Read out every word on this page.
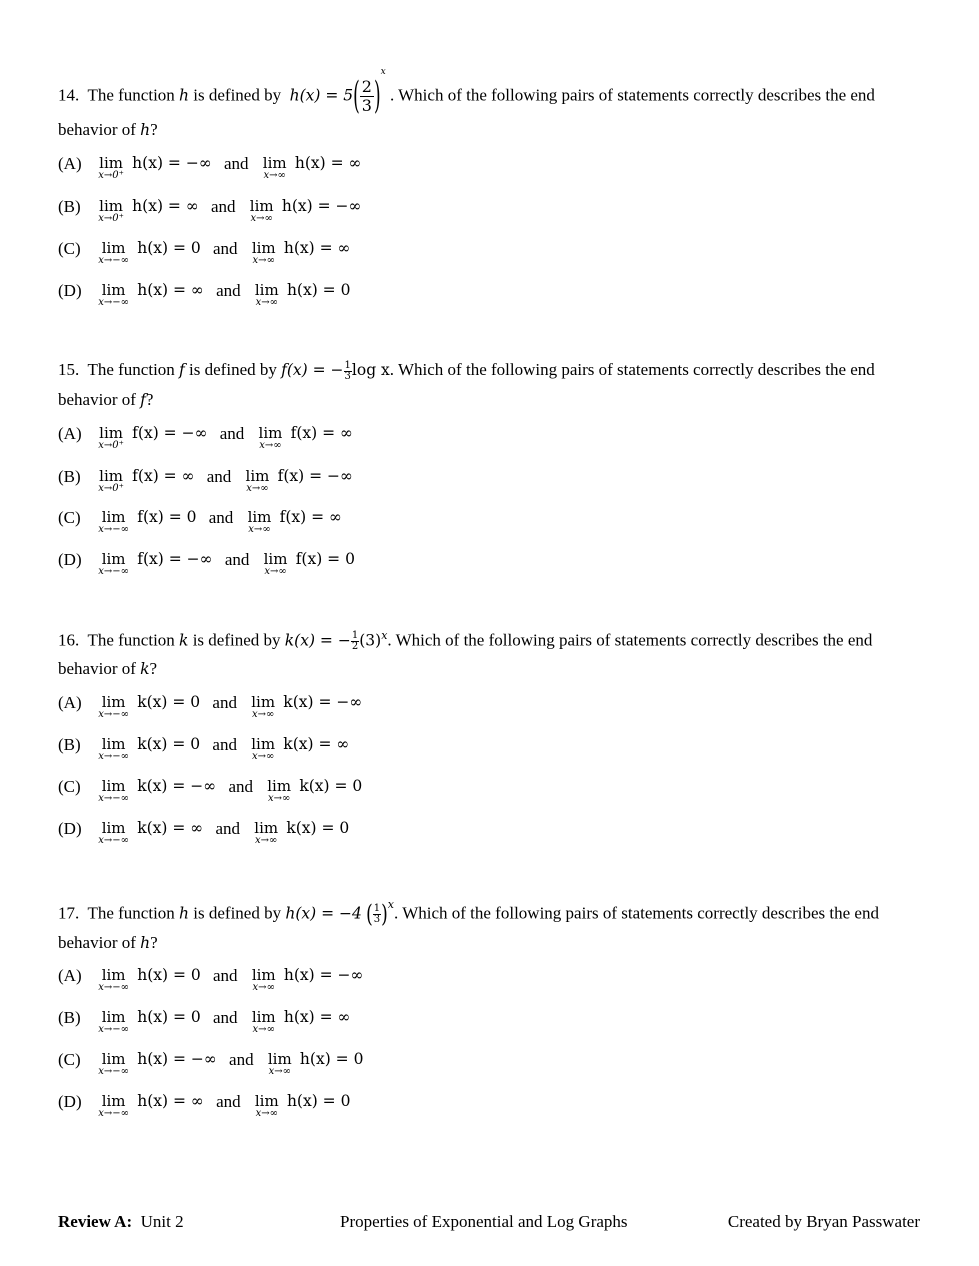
14. The function h is defined by $h(x) = 5( \frac{2}{3} )^x$ . Which of the following pairs of statements correctly describes the end
behavior of h?
(A) lim
x→0⁺
h(x) = −∞ and lim
x→∞
h(x) = ∞
(B) lim
x→0⁺
h(x) = ∞ and lim
x→∞
h(x) = −∞
(C) lim
x→−∞
h(x) = 0 and lim
x→∞
h(x) = ∞
(D) lim
x→−∞
h(x) = ∞ and lim
x→∞
h(x) = 0
15. The function f is defined by f(x) = − $\frac{1}{3}$ log x. Which of the following pairs of statements correctly describes the end
behavior of f?
(A) lim
x→0⁺
f(x) = −∞ and lim
x→∞
f(x) = ∞
(B) lim
x→0⁺
f(x) = ∞ and lim
x→∞
f(x) = −∞
(C) lim
x→−∞
f(x) = 0 and lim
x→∞
f(x) = ∞
(D) lim
x→−∞
f(x) = −∞ and lim
x→∞
f(x) = 0
16. The function k is defined by k(x) = − $\frac{1}{2} (3)^x$. Which of the following pairs of statements correctly describes the end
behavior of k?
(A) lim
x→−∞
k(x) = 0 and lim
x→∞
k(x) = −∞
(B) lim
x→−∞
k(x) = 0 and lim
x→∞
k(x) = ∞
(C) lim
x→−∞
k(x) = −∞ and lim
x→∞
k(x) = 0
(D) lim
x→−∞
k(x) = ∞ and lim
x→∞
k(x) = 0
17. The function h is defined by h(x) = −4 ( $\frac{1}{3} )^x$. Which of the following pairs of statements correctly describes the end
behavior of h?
(A) lim
x→−∞
h(x) = 0 and lim
x→∞
h(x) = −∞
(B) lim
x→−∞
h(x) = 0 and lim
x→∞
h(x) = ∞
(C) lim
x→−∞
h(x) = −∞ and lim
x→∞
h(x) = 0
(D) lim
x→−∞
h(x) = ∞ and lim
x→∞
h(x) = 0
Review A: Unit 2	Properties of Exponential and Log Graphs	Created by Bryan Passwater
